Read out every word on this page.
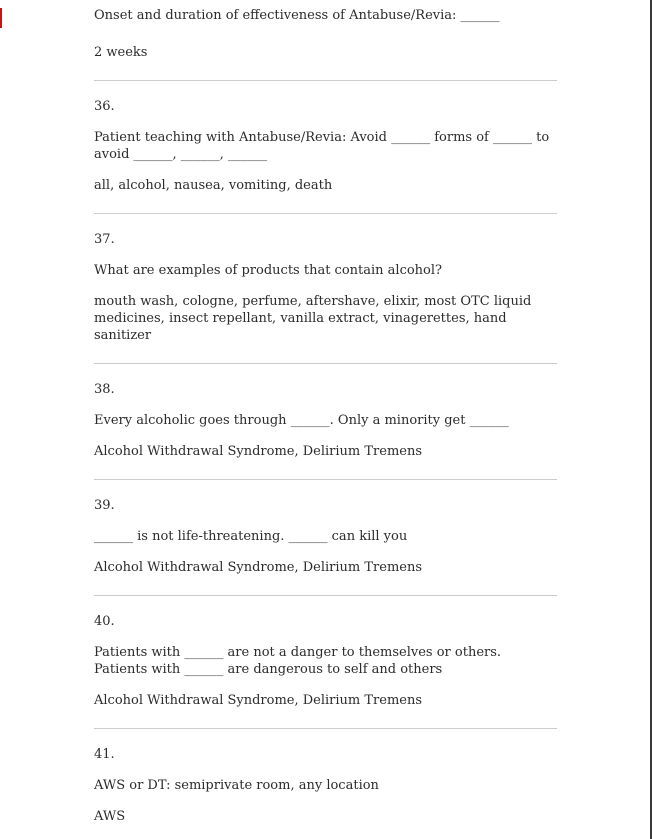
Onset and duration of effectiveness of Antabuse/Revia: ______
2 weeks
36.
Patient teaching with Antabuse/Revia: Avoid ______ forms of ______ to avoid ______, ______, ______
all, alcohol, nausea, vomiting, death
37.
What are examples of products that contain alcohol?
mouth wash, cologne, perfume, aftershave, elixir, most OTC liquid medicines, insect repellant, vanilla extract, vinagerettes, hand sanitizer
38.
Every alcoholic goes through ______. Only a minority get ______
Alcohol Withdrawal Syndrome, Delirium Tremens
39.
______ is not life-threatening. ______ can kill you
Alcohol Withdrawal Syndrome, Delirium Tremens
40.
Patients with ______ are not a danger to themselves or others. Patients with ______ are dangerous to self and others
Alcohol Withdrawal Syndrome, Delirium Tremens
41.
AWS or DT: semiprivate room, any location
AWS
